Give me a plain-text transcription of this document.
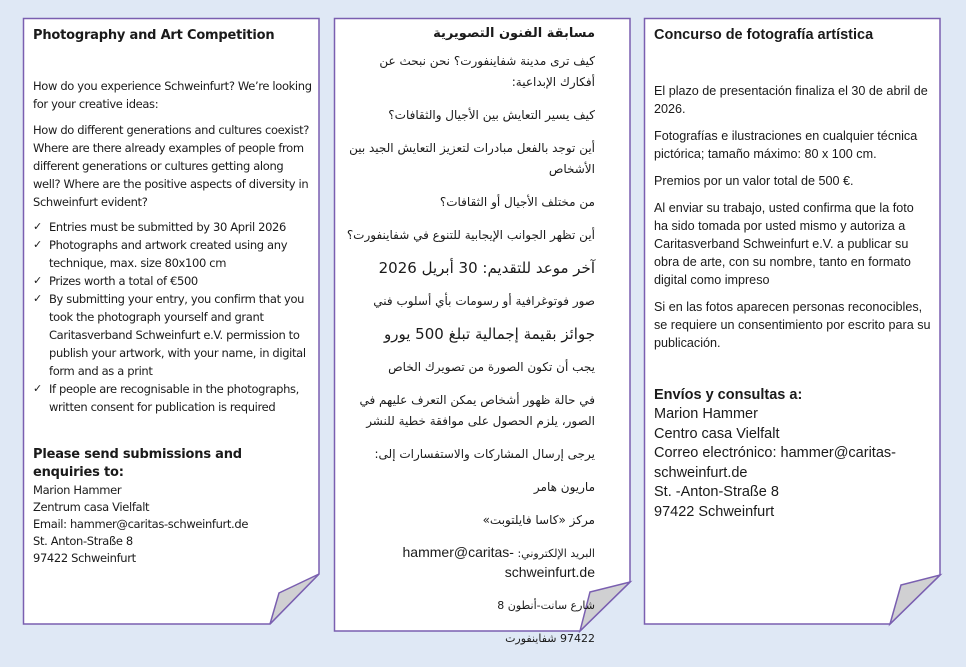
Photography and Art Competition

How do you experience Schweinfurt? We’re looking for your creative ideas:

How do different generations and cultures coexist? Where are there already examples of people from different generations or cultures getting along well? Where are the positive aspects of diversity in Schweinfurt evident?

✓ Entries must be submitted by 30 April 2026
✓ Photographs and artwork created using any technique, max. size 80x100 cm
✓ Prizes worth a total of €500
✓ By submitting your entry, you confirm that you took the photograph yourself and grant Caritasverband Schweinfurt e.V. permission to publish your artwork, with your name, in digital form and as a print
✓ If people are recognisable in the photographs, written consent for publication is required
Please send submissions and enquiries to:
Marion Hammer
Zentrum casa Vielfalt
Email: hammer@caritas-schweinfurt.de
St. Anton-Straße 8
97422 Schweinfurt
مسابقة الفنون التصويرية

كيف ترى مدينة شفاينفورت؟ نحن نبحث عن أفكارك الإبداعية:

كيف يسير التعايش بين الأجيال والثقافات؟

أين توجد بالفعل مبادرات لتعزيز التعايش الجيد بين الأشخاص

من مختلف الأجيال أو الثقافات؟

أين تظهر الجوانب الإيجابية للتنوع في شفاينفورت؟

آخر موعد للتقديم: 30 أبريل 2026

صور فوتوغرافية أو رسومات بأي أسلوب فني

جوائز بقيمة إجمالية تبلغ 500 يورو

يجب أن تكون الصورة من تصويرك الخاص

في حالة ظهور أشخاص يمكن التعرف عليهم في الصور، يلزم الحصول على موافقة خطية للنشر

يرجى إرسال المشاركات والاستفسارات إلى:

ماريون هامر

مركز «كاسا فايلتوبت»

البريد الإلكتروني: hammer@caritas-schweinfurt.de

شارع سانت-أنطون 8

97422 شفاينفورت

Concurso de fotografía artística

El plazo de presentación finaliza el 30 de abril de 2026.

Fotografías e ilustraciones en cualquier técnica pictórica; tamaño máximo: 80 x 100 cm.

Premios por un valor total de 500 €.

Al enviar su trabajo, usted confirma que la foto ha sido tomada por usted mismo y autoriza a Caritasverband Schweinfurt e.V. a publicar su obra de arte, con su nombre, tanto en formato digital como impreso

Si en las fotos aparecen personas reconocibles, se requiere un consentimiento por escrito para su publicación.

Envíos y consultas a:
Marion Hammer
Centro casa Vielfalt
Correo electrónico: hammer@caritas-schweinfurt.de
St. -Anton-Straße 8
97422 Schweinfurt
